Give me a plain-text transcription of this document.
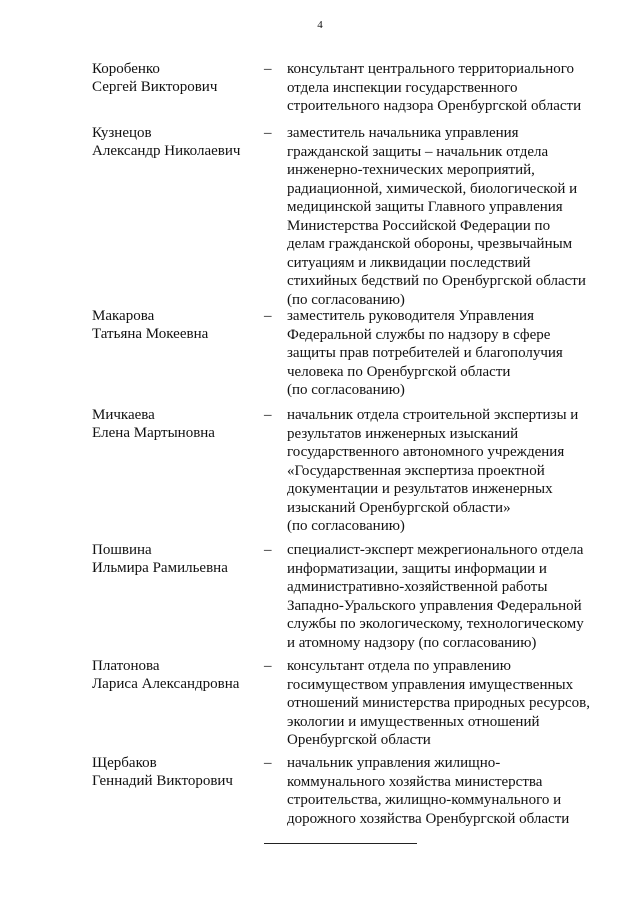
4
Коробенко
Сергей Викторович
– консультант центрального территориального
отдела инспекции государственного
строительного надзора Оренбургской области
Кузнецов
Александр Николаевич
– заместитель начальника управления
гражданской защиты – начальник отдела
инженерно-технических мероприятий,
радиационной, химической, биологической и
медицинской защиты Главного управления
Министерства Российской Федерации по
делам гражданской обороны, чрезвычайным
ситуациям и ликвидации последствий
стихийных бедствий по Оренбургской области
(по согласованию)
Макарова
Татьяна Мокеевна
– заместитель руководителя Управления
Федеральной службы по надзору в сфере
защиты прав потребителей и благополучия
человека по Оренбургской области
(по согласованию)
Мичкаева
Елена Мартыновна
– начальник отдела строительной экспертизы и
результатов инженерных изысканий
государственного автономного учреждения
«Государственная экспертиза проектной
документации и результатов инженерных
изысканий Оренбургской области»
(по согласованию)
Пошвина
Ильмира Рамильевна
– специалист-эксперт межрегионального отдела
информатизации, защиты информации и
административно-хозяйственной работы
Западно-Уральского управления Федеральной
службы по экологическому, технологическому
и атомному надзору (по согласованию)
Платонова
Лариса Александровна
– консультант отдела по управлению
госимуществом управления имущественных
отношений министерства природных ресурсов,
экологии и имущественных отношений
Оренбургской области
Щербаков
Геннадий Викторович
– начальник управления жилищно-
коммунального хозяйства министерства
строительства, жилищно-коммунального и
дорожного хозяйства Оренбургской области
